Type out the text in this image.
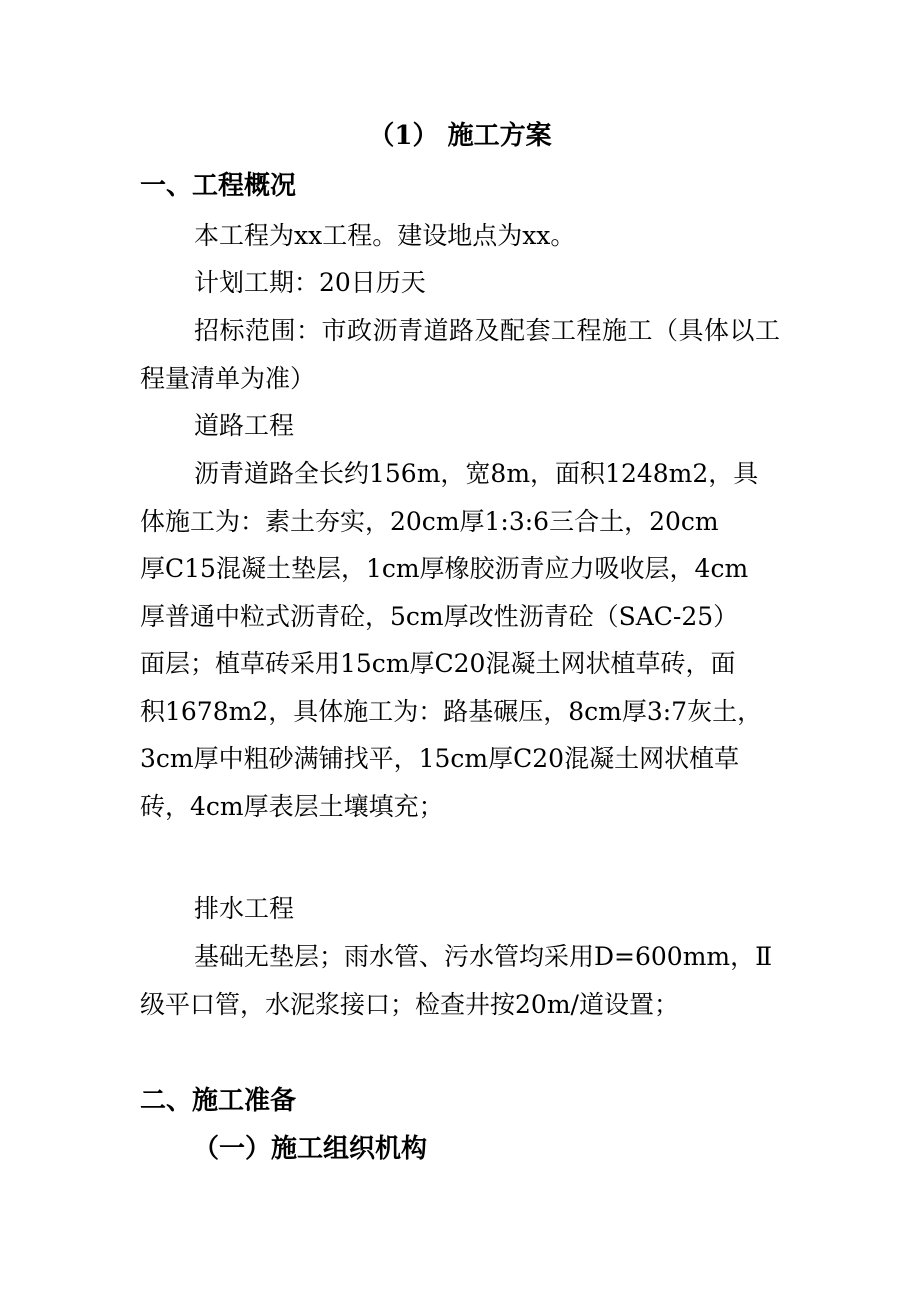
（1） 施工方案
一、工程概况

本工程为xx工程。建设地点为xx。

计划工期：20日历天

招标范围：市政沥青道路及配套工程施工（具体以工程量清单为准）

道路工程

沥青道路全长约156m，宽8m，面积1248m2，具
体施工为：素土夯实，20cm厚1:3:6三合土，20cm
厚C15混凝土垫层，1cm厚橡胶沥青应力吸收层，4cm
厚普通中粒式沥青砼，5cm厚改性沥青砼（SAC-25）
面层；植草砖采用15cm厚C20混凝土网状植草砖，面
积1678m2，具体施工为：路基碾压，8cm厚3:7灰土，
3cm厚中粗砂满铺找平，15cm厚C20混凝土网状植草
砖，4cm厚表层土壤填充；

排水工程

基础无垫层；雨水管、污水管均采用D=600mm，Ⅱ
级平口管，水泥浆接口；检查井按20m/道设置；
二、施工准备
（一）施工组织机构
